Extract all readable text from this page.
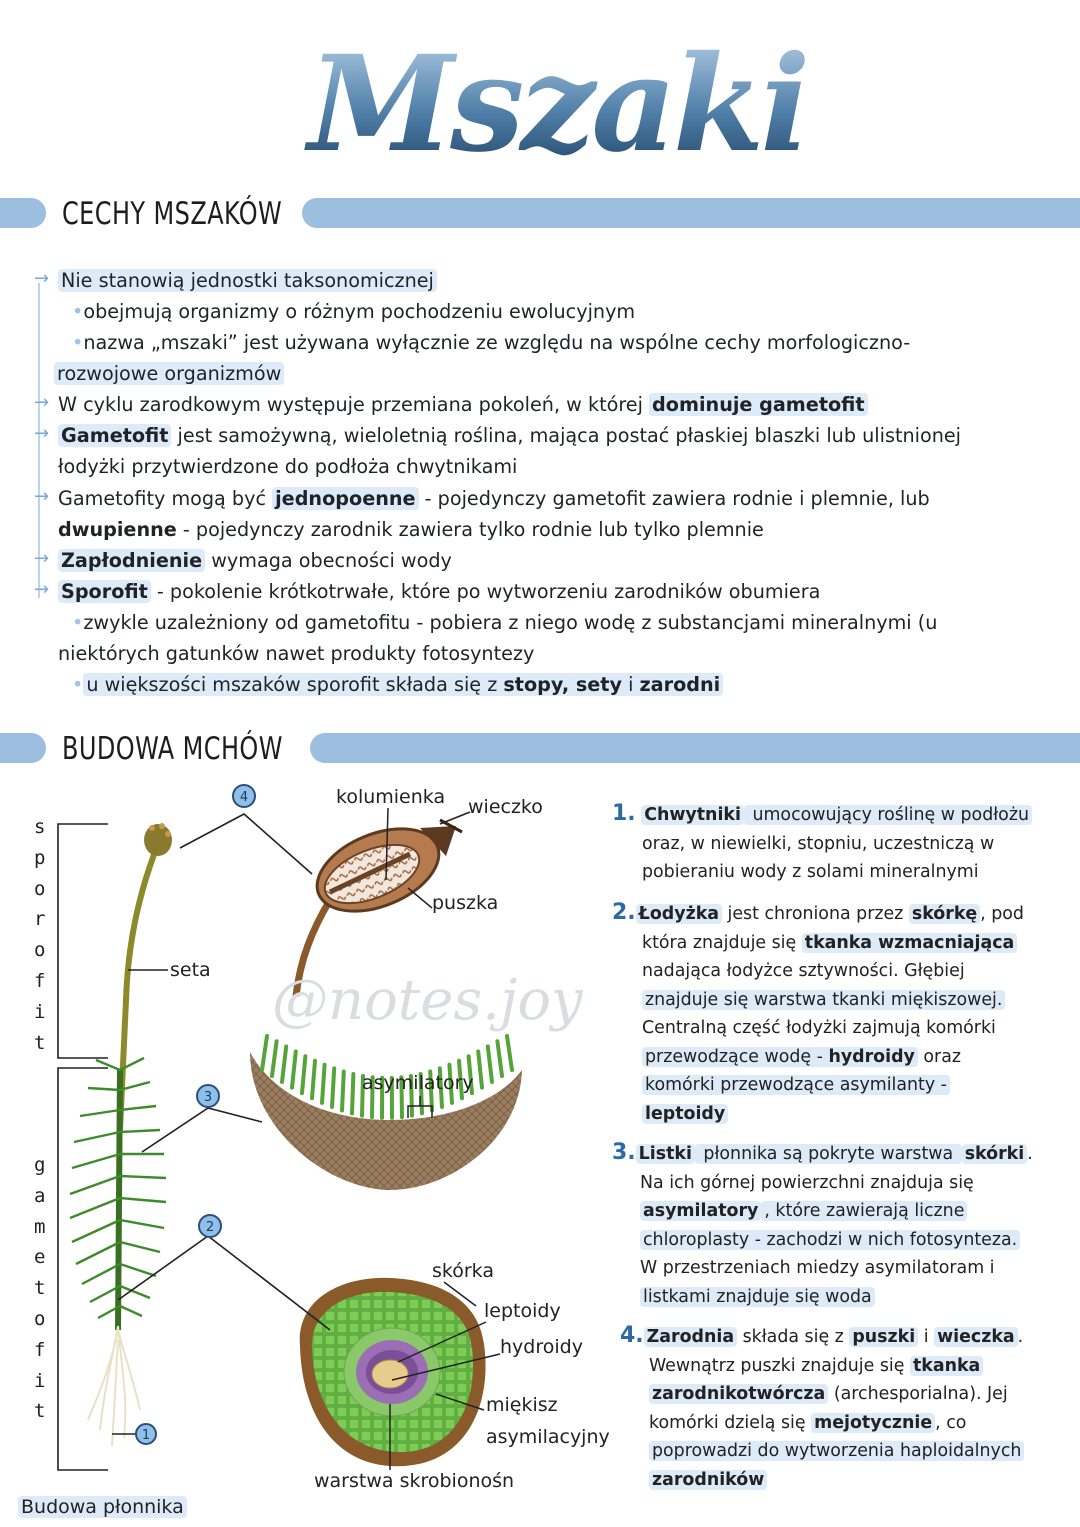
Mszaki
CECHY MSZAKÓW
→ Nie stanowią jednostki taksonomicznej
•obejmują organizmy o różnym pochodzeniu ewolucyjnym
•nazwa „mszaki” jest używana wyłącznie ze względu na wspólne cechy morfologiczno-
rozwojowe organizmów
→ W cyklu zarodkowym występuje przemiana pokoleń, w której dominuje gametofit
→ Gametofit jest samożywną, wieloletnią roślina, mająca postać płaskiej blaszki lub ulistnionej
łodyżki przytwierdzone do podłoża chwytnikami
→ Gametofity mogą być jednopoenne - pojedynczy gametofit zawiera rodnie i plemnie, lub
dwupienne - pojedynczy zarodnik zawiera tylko rodnie lub tylko plemnie
→ Zapłodnienie wymaga obecności wody
→ Sporofit - pokolenie krótkotrwałe, które po wytworzeniu zarodników obumiera
•zwykle uzależniony od gametofitu - pobiera z niego wodę z substancjami mineralnymi (u
niektórych gatunków nawet produkty fotosyntezy
• u większości mszaków sporofit składa się z stopy, sety i zarodni
BUDOWA MCHÓW
s
p
o
r
o
f
i
t
g
a
m
e
t
o
f
i
t
4
3
2
1
kolumienka wieczko
puszka
seta @notes.joy
asymilatory
skórka
leptoidy
hydroidy
miękisz
asymilacyjny
warstwa skrobionośn
Budowa płonnika
1. Chwytniki umocowujący roślinę w podłożu
oraz, w niewielki, stopniu, uczestniczą w
pobieraniu wody z solami mineralnymi
2. Łodyżka jest chroniona przez skórkę , pod
która znajduje się tkanka wzmacniająca
nadająca łodyżce sztywności. Głębiej
znajduje się warstwa tkanki miękiszowej.
Centralną część łodyżki zajmują komórki
przewodzące wodę - hydroidy oraz
komórki przewodzące asymilanty -
leptoidy
3. Listki płonnika są pokryte warstwa skórki .
Na ich górnej powierzchni znajduja się
asymilatory , które zawierają liczne
chloroplasty - zachodzi w nich fotosynteza.
W przestrzeniach miedzy asymilatoram i
listkami znajduje się woda
4. Zarodnia składa się z puszki i wieczka .
Wewnątrz puszki znajduje się tkanka
zarodnikotwórcza (archesporialna). Jej
komórki dzielą się mejotycznie , co
poprowadzi do wytworzenia haploidalnych
zarodników
